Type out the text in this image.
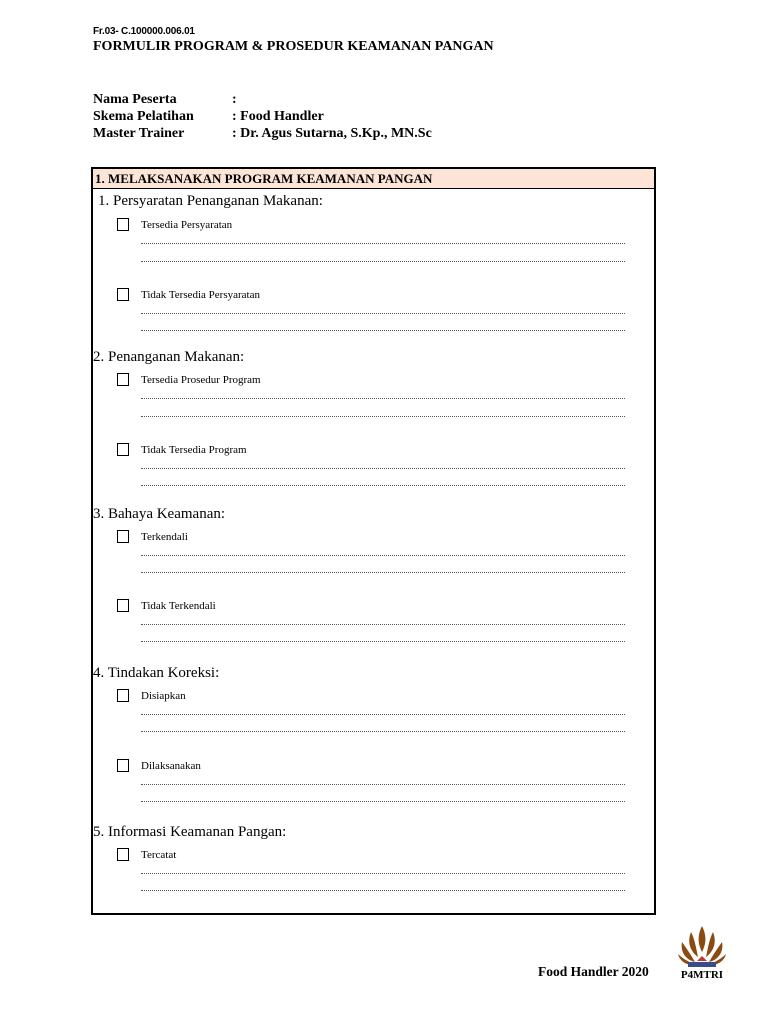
Fr.03- C.100000.006.01
FORMULIR PROGRAM & PROSEDUR KEAMANAN PANGAN
Nama Peserta	:
Skema Pelatihan	: Food Handler
Master Trainer	: Dr. Agus Sutarna, S.Kp., MN.Sc
1. MELAKSANAKAN PROGRAM KEAMANAN PANGAN
1. Persyaratan Penanganan Makanan:
Tersedia Persyaratan
Tidak Tersedia Persyaratan
2. Penanganan Makanan:
Tersedia Prosedur Program
Tidak Tersedia Program
3. Bahaya Keamanan:
Terkendali
Tidak Terkendali
4. Tindakan Koreksi:
Disiapkan
Dilaksanakan
5. Informasi Keamanan Pangan:
Tercatat
Food Handler 2020	P4MTRI
